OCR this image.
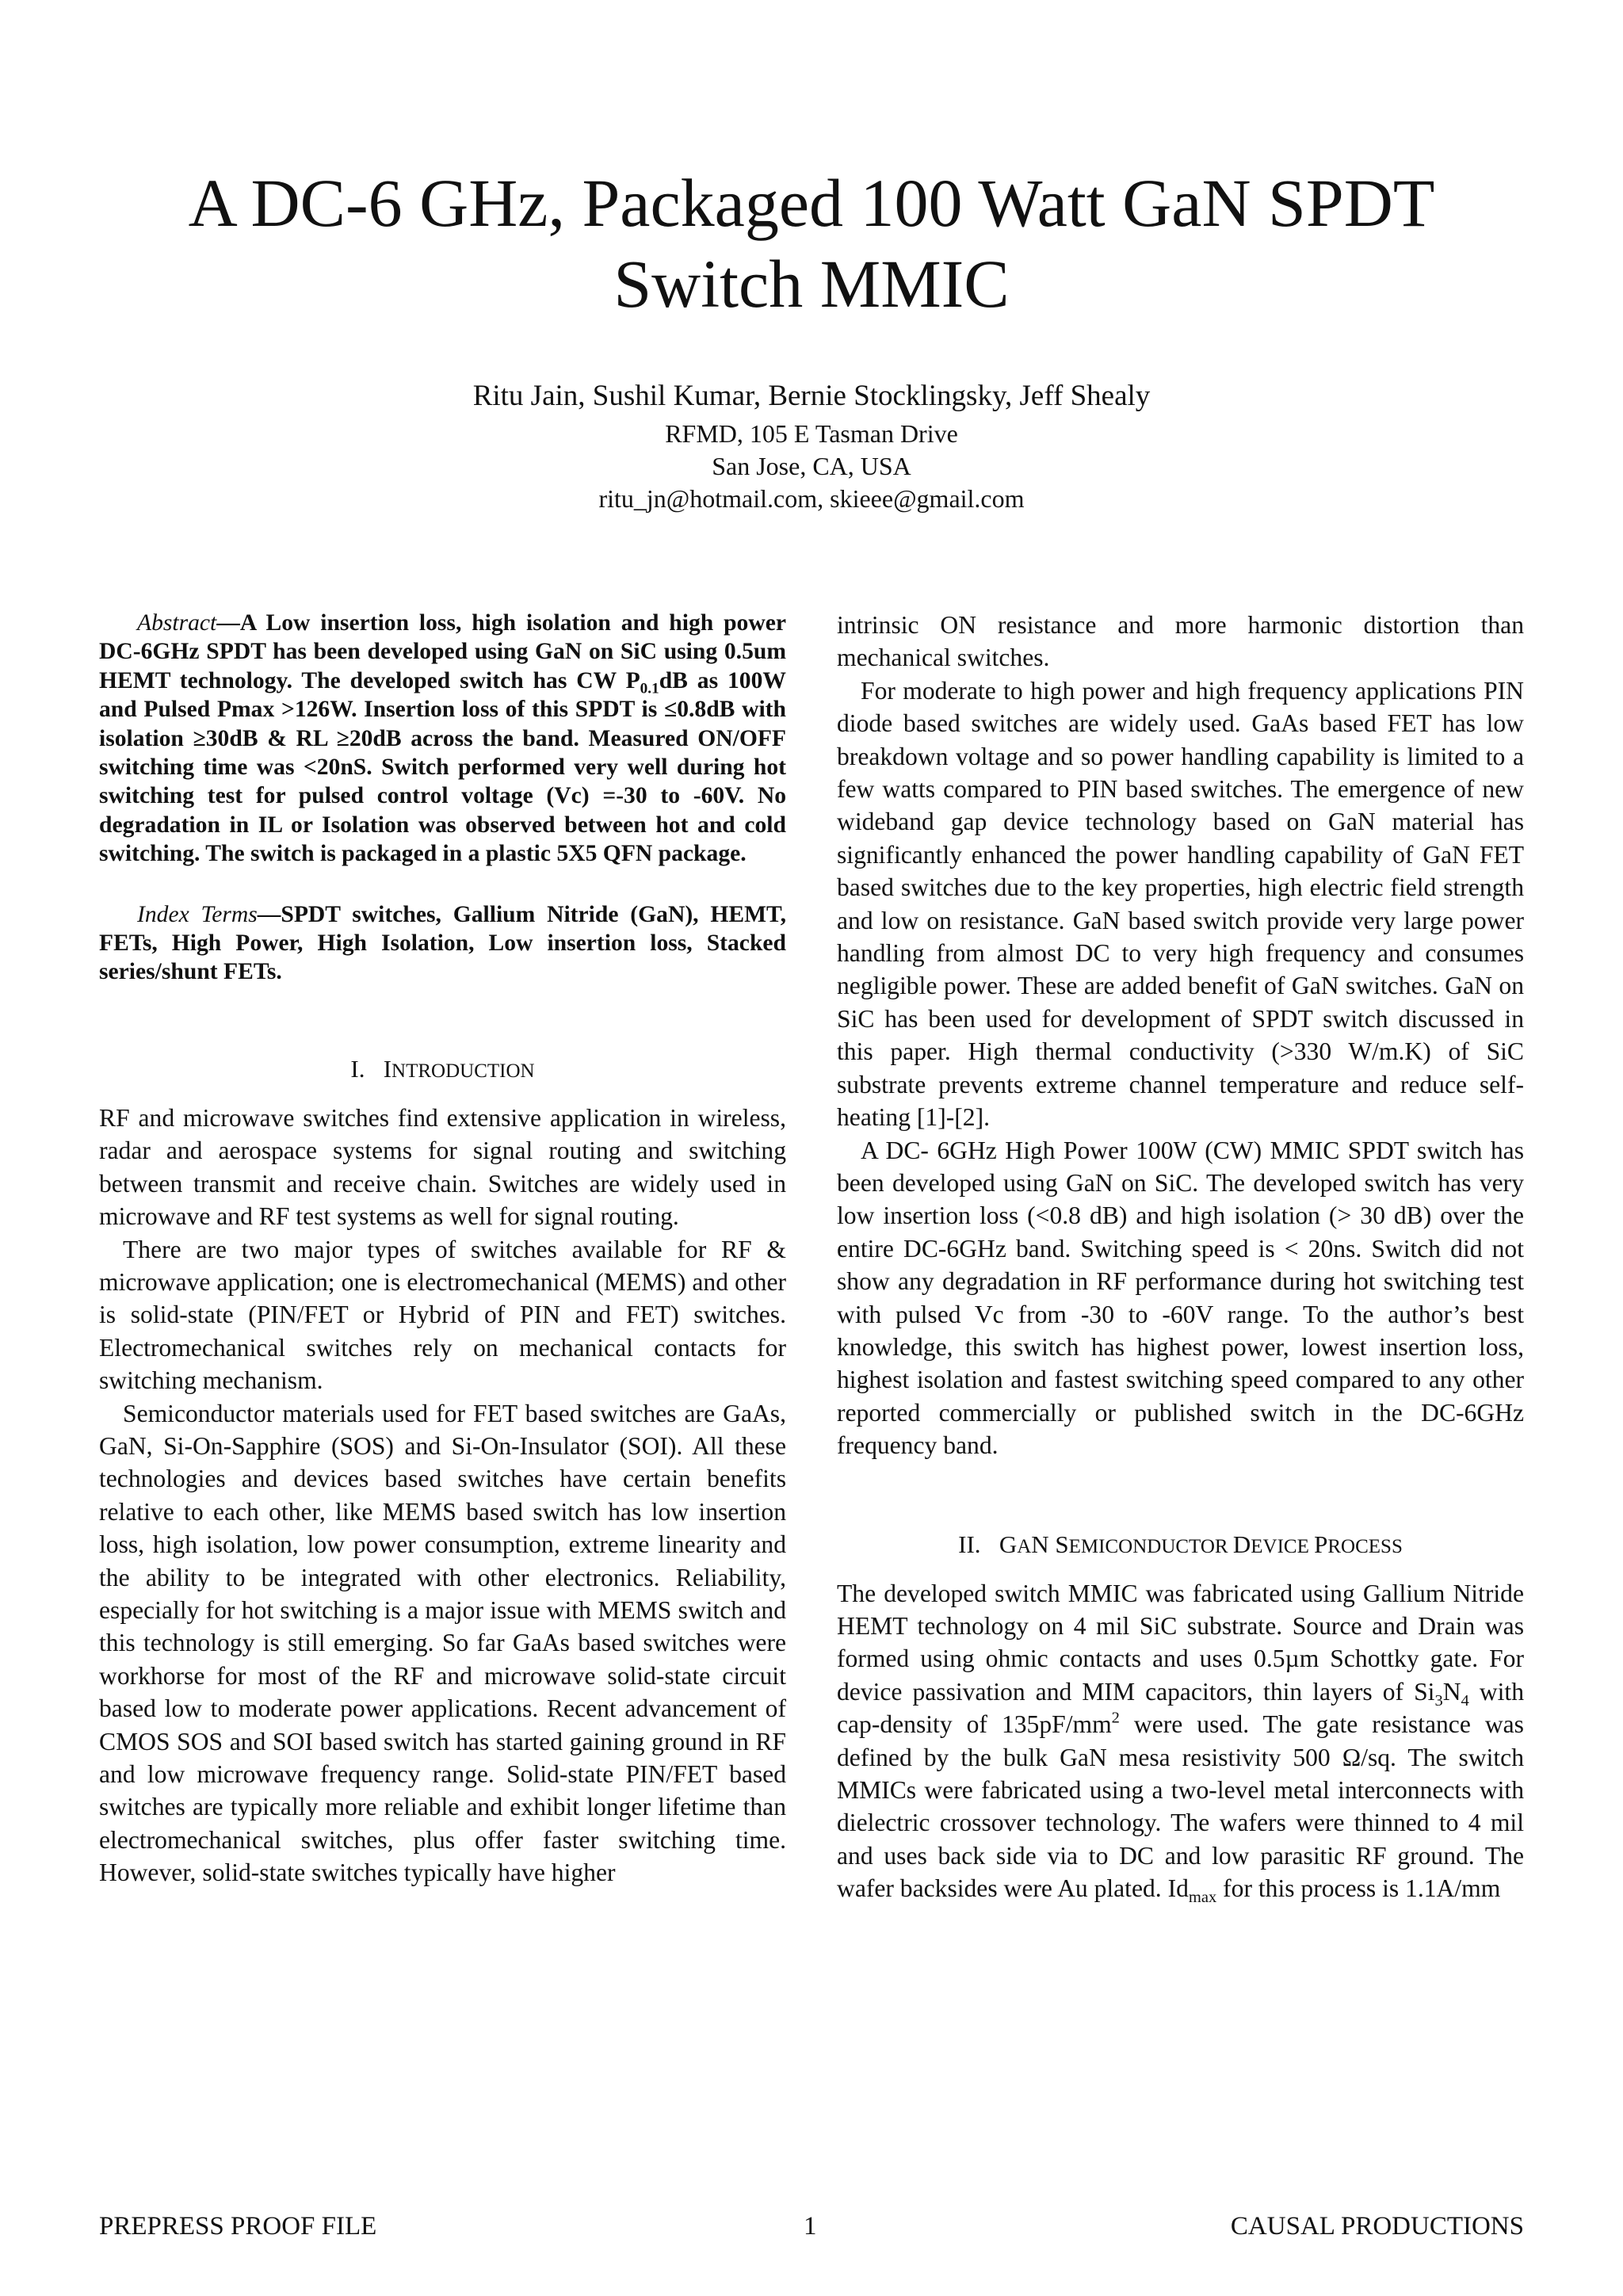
A DC-6 GHz, Packaged 100 Watt GaN SPDT
Switch MMIC
Ritu Jain, Sushil Kumar, Bernie Stocklingsky, Jeff Shealy
RFMD, 105 E Tasman Drive
San Jose, CA, USA
ritu_jn@hotmail.com, skieee@gmail.com

Abstract—A Low insertion loss, high isolation and high power DC-6GHz SPDT has been developed using GaN on SiC using 0.5um HEMT technology. The developed switch has CW $P_{0.1}dB$ as 100W and Pulsed Pmax >126W. Insertion loss of this SPDT is ≤0.8dB with isolation ≥30dB & RL ≥20dB across the band. Measured ON/OFF switching time was <20nS. Switch performed very well during hot switching test for pulsed control voltage (Vc) =-30 to -60V. No degradation in IL or Isolation was observed between hot and cold switching. The switch is packaged in a plastic 5X5 QFN package.

Index Terms—SPDT switches, Gallium Nitride (GaN), HEMT, FETs, High Power, High Isolation, Low insertion loss, Stacked series/shunt FETs.

I. INTRODUCTION

RF and microwave switches find extensive application in wireless, radar and aerospace systems for signal routing and switching between transmit and receive chain. Switches are widely used in microwave and RF test systems as well for signal routing.

There are two major types of switches available for RF & microwave application; one is electromechanical (MEMS) and other is solid-state (PIN/FET or Hybrid of PIN and FET) switches. Electromechanical switches rely on mechanical contacts for switching mechanism.

Semiconductor materials used for FET based switches are GaAs, GaN, Si-On-Sapphire (SOS) and Si-On-Insulator (SOI). All these technologies and devices based switches have certain benefits relative to each other, like MEMS based switch has low insertion loss, high isolation, low power consumption, extreme linearity and the ability to be integrated with other electronics. Reliability, especially for hot switching is a major issue with MEMS switch and this technology is still emerging. So far GaAs based switches were workhorse for most of the RF and microwave solid-state circuit based low to moderate power applications. Recent advancement of CMOS SOS and SOI based switch has started gaining ground in RF and low microwave frequency range. Solid-state PIN/FET based switches are typically more reliable and exhibit longer lifetime than electromechanical switches, plus offer faster switching time. However, solid-state switches typically have higher

intrinsic ON resistance and more harmonic distortion than mechanical switches.

For moderate to high power and high frequency applications PIN diode based switches are widely used. GaAs based FET has low breakdown voltage and so power handling capability is limited to a few watts compared to PIN based switches. The emergence of new wideband gap device technology based on GaN material has significantly enhanced the power handling capability of GaN FET based switches due to the key properties, high electric field strength and low on resistance. GaN based switch provide very large power handling from almost DC to very high frequency and consumes negligible power. These are added benefit of GaN switches. GaN on SiC has been used for development of SPDT switch discussed in this paper. High thermal conductivity (>330 W/m.K) of SiC substrate prevents extreme channel temperature and reduce self-heating [1]-[2].

A DC- 6GHz High Power 100W (CW) MMIC SPDT switch has been developed using GaN on SiC. The developed switch has very low insertion loss (<0.8 dB) and high isolation (> 30 dB) over the entire DC-6GHz band. Switching speed is < 20ns. Switch did not show any degradation in RF performance during hot switching test with pulsed Vc from -30 to -60V range. To the author’s best knowledge, this switch has highest power, lowest insertion loss, highest isolation and fastest switching speed compared to any other reported commercially or published switch in the DC-6GHz frequency band.

II. GAN SEMICONDUCTOR DEVICE PROCESS

The developed switch MMIC was fabricated using Gallium Nitride HEMT technology on 4 mil SiC substrate. Source and Drain was formed using ohmic contacts and uses 0.5µm Schottky gate. For device passivation and MIM capacitors, thin layers of $Si_3N_4$ with cap-density of $135pF/mm^2$ were used. The gate resistance was defined by the bulk GaN mesa resistivity 500 Ω/sq. The switch MMICs were fabricated using a two-level metal interconnects with dielectric crossover technology. The wafers were thinned to 4 mil and uses back side via to DC and low parasitic RF ground. The wafer backsides were Au plated. $Id_{max}$ for this process is 1.1A/mm

PREPRESS PROOF FILE	1	CAUSAL PRODUCTIONS
